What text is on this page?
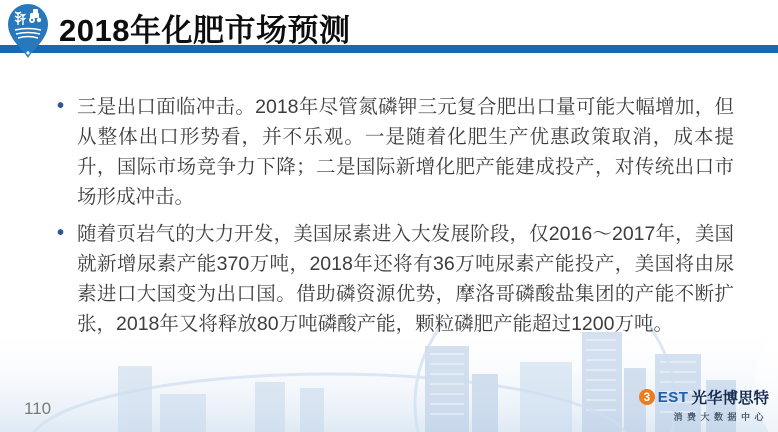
2018年化肥市场预测
• 三是出口面临冲击。2018年尽管氮磷钾三元复合肥出口量可能大幅增加，但从整体出口形势看，并不乐观。一是随着化肥生产优惠政策取消，成本提升，国际市场竞争力下降；二是国际新增化肥产能建成投产，对传统出口市场形成冲击。
• 随着页岩气的大力开发，美国尿素进入大发展阶段，仅2016～2017年，美国就新增尿素产能370万吨，2018年还将有36万吨尿素产能投产，美国将由尿素进口大国变为出口国。借助磷资源优势，摩洛哥磷酸盐集团的产能不断扩张，2018年又将释放80万吨磷酸产能，颗粒磷肥产能超过1200万吨。
110
3 EST 光华博思特
消费大数据中心
